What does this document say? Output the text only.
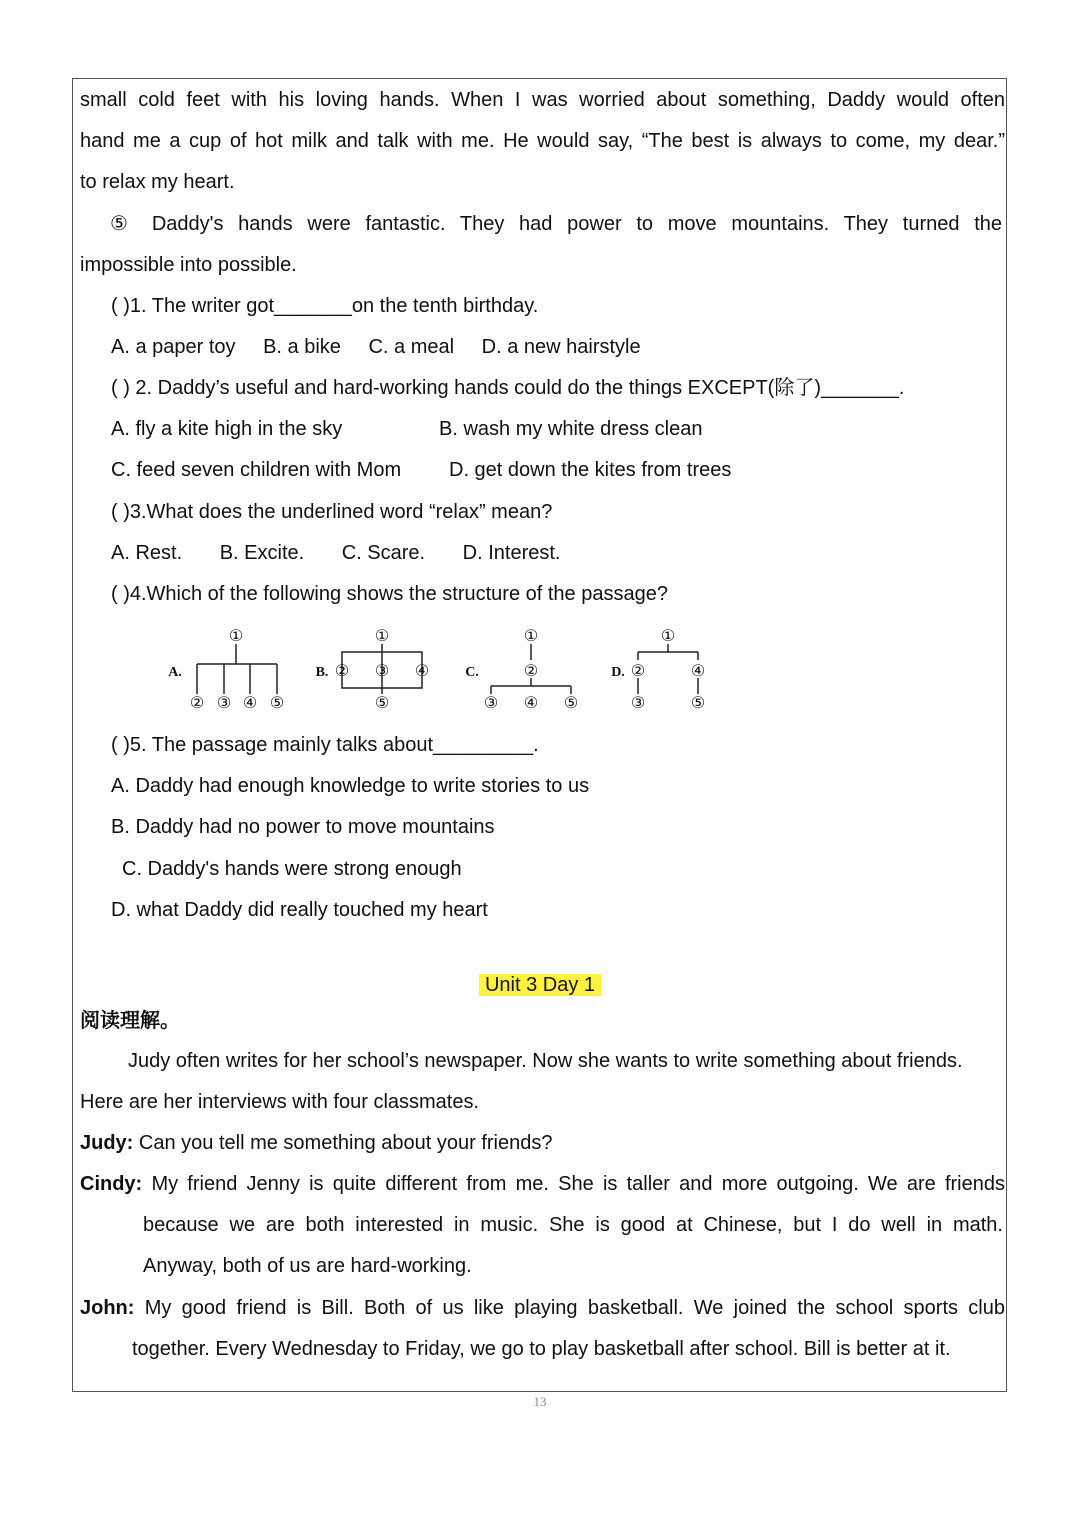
small cold feet with his loving hands. When I was worried about something, Daddy would often
hand me a cup of hot milk and talk with me. He would say, “The best is always to come, my dear.”
to relax my heart.
⑤ Daddy's hands were fantastic. They had power to move mountains. They turned the
impossible into possible.
( )1. The writer got_______on the tenth birthday.
A. a paper toy B. a bike C. a meal D. a new hairstyle
( ) 2. Daddy’s useful and hard-working hands could do the things EXCEPT(除了)_______.
A. fly a kite high in the sky	B. wash my white dress clean
C. feed seven children with Mom D. get down the kites from trees
( )3.What does the underlined word “relax” mean?
A. Rest. B. Excite. C. Scare. D. Interest.
( )4.Which of the following shows the structure of the passage?
A.
①
② ③ ④ ⑤
B.
①
② ③ ④
⑤
C.
①
②
③ ④ ⑤
D.
①
②	④
③	⑤
( )5. The passage mainly talks about_________.
A. Daddy had enough knowledge to write stories to us
B. Daddy had no power to move mountains
C. Daddy's hands were strong enough
D. what Daddy did really touched my heart
Unit 3 Day 1
阅读理解。
Judy often writes for her school’s newspaper. Now she wants to write something about friends.
Here are her interviews with four classmates.
Judy: Can you tell me something about your friends?
Cindy: My friend Jenny is quite different from me. She is taller and more outgoing. We are friends
because we are both interested in music. She is good at Chinese, but I do well in math.
Anyway, both of us are hard-working.
John: My good friend is Bill. Both of us like playing basketball. We joined the school sports club
together. Every Wednesday to Friday, we go to play basketball after school. Bill is better at it.
13
